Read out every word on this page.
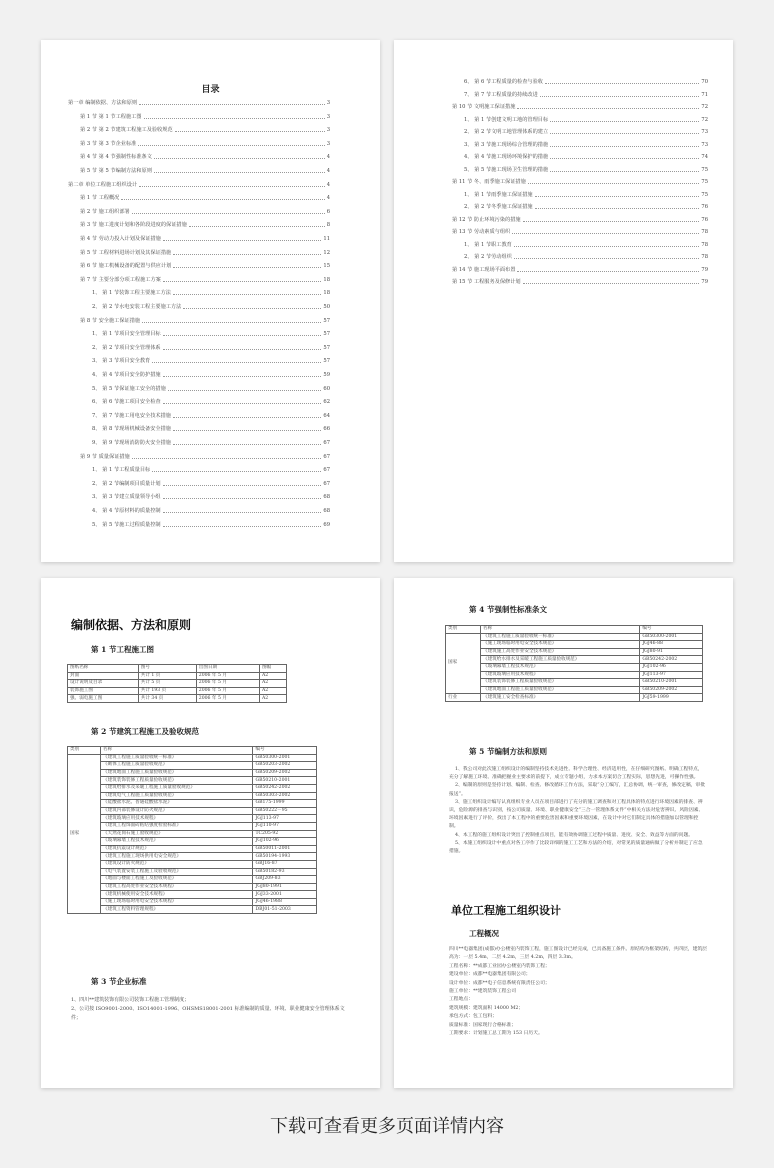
目录
第一章 编制依据、方法和原则	3
第 1 节 第 1 节工程施工图	3
第 2 节 第 2 节建筑工程施工及验收规范	3
第 3 节 第 3 节企业标准	3
第 4 节 第 4 节强制性标准条文	4
第 5 节 第 5 节编制方法和原则	4
第二章 单位工程施工组织设计	4
第 1 节 工程概况	4
第 2 节 施工组织部署	6
第 3 节 施工进度计划和各阶段进度的保证措施	8
第 4 节 劳动力投入计划及保证措施	11
第 5 节 工程材料进场计划及其保证措施	12
第 6 节 施工机械设备的配置与供应计划	15
第 7 节 主要分部分项工程施工方案	18
1、 第 1 节装饰工程主要施工方法	18
2、 第 2 节水电安装工程主要施工方法	50
第 8 节 安全施工保证措施	57
1、 第 1 节项目安全管理目标	57
2、 第 2 节项目安全管理体系	57
3、 第 3 节项目安全教育	57
4、 第 4 节项目安全防护措施	59
5、 第 5 节保证施工安全的措施	60
6、 第 6 节施工项目安全检查	62
7、 第 7 节施工用电安全技术措施	64
8、 第 8 节现场机械设备安全措施	66
9、 第 9 节现场消防防火安全措施	67
第 9 节 质量保证措施	67
1、 第 1 节工程质量目标	67
2、 第 2 节编制项目质量计划	67
3、 第 3 节建立质量领导小组	68
4、 第 4 节原材料的质量控制	68
5、 第 5 节施工过程质量控制	69
6、 第 6 节工程质量的检查与验收	70
7、 第 7 节工程质量的持续改进	71
第 10 节 文明施工保证措施	72
1、 第 1 节创建文明工地的管理目标	72
2、 第 2 节文明工地管理体系的建立	73
3、 第 3 节施工现场综合管理的措施	73
4、 第 4 节施工现场环境保护的措施	74
5、 第 5 节施工现场卫生管理的措施	75
第 11 节 冬、雨季施工保证措施	75
1、 第 1 节雨季施工保证措施	75
2、 第 2 节冬季施工保证措施	76
第 12 节 防止环境污染的措施	76
第 13 节 劳动素质与组织	78
1、 第 1 节职工教育	78
2、 第 2 节劳动组织	78
第 14 节 施工现场平面布置	79
第 15 节 工程服务及保修计划	79
编制依据、方法和原则
第 1 节工程施工图
图纸名称	图号	出图日期	图幅
封面	共计 1 页	2006 年 5 月	A2
设计说明及目录	共计 5 页	2006 年 5 月	A2
装饰施工图	共计 193 页	2006 年 5 月	A2
强、弱电施工图	共计 34 页	2006 年 5 月	A2
第 2 节建筑工程施工及验收规范
类别	名称	编号
国家	《建筑工程施工质量验收统一标准》	GB50300-2001
	《砌体工程施工质量验收规范》	GB50203-2002
	《建筑地面工程施工质量验收规范》	GB50209-2002
	《建筑装饰装修工程质量验收规范》	GB50210-2001
	《建筑给排水及采暖工程施工质量验收规范》	GB50242-2002
	《建筑电气工程施工质量验收规范》	GB50303-2002
	《硅酸盐水泥、普通硅酸盐水泥》	GB175-1999
	《建筑内部装修设计防火规范》	GB50222－95
	《建筑玻璃应用技术规程》	JGJ113-97
	《建筑工程饰面砖粘结强度检验标准》	JGJ110-97
	《天然花岗石施工验收规范》	TC205-92
	《玻璃幕墙工程技术规范》	JGJ102-96
	《建筑抗震设计规范》	GB50011-2001
	《建筑工程施工现场供用电安全规范》	GB50194-1993
	《建筑设计防火规范》	GBJ16-87
	《电气装置安装工程施工及验收规范》	GB50182-93
	《地面与楼面工程施工及验收规范》	GBJ209-83
	《建筑工程高处作业安全技术规程》	JGJ80-1991
	《建筑机械使用安全技术规程》	JGJ33-2001
	《施工现场临时用电安全技术规程》	JGJ46-1988
	《建筑工程资料管理规程》	DBJ01-51-2003
第 3 节企业标准
1、四川**建筑装饰有限公司装饰工程施工管理制度；
2、公司按 ISO9001-2000、ISO14001-1996、OHSMS18001-2001 标准编制的质量、环境、职业健康安全管理体系文件；
第 4 节强制性标准条文
类别	名称	编号
国家	《建筑工程施工质量验收统一标准》	GB50300-2001
	《施工现场临时用电安全技术规范》	JGJ46-88
	《建筑施工高处作业安全技术规范》	JGJ80-91
	《建筑给水排水及采暖工程施工质量验收规范》	GB50242-2002
	《玻璃幕墙工程技术规范》	JGJ102-96
	《建筑玻璃应用技术规程》	JGJ113-97
	《建筑装饰装修工程质量验收规范》	GB50210-2001
	《建筑地面工程施工质量验收规范》	GB50209-2002
行业	《建筑施工安全检查标准》	JGJ59-1999
第 5 节编制方法和原则
1、我公司对此次施工组织设计的编制坚持技术先进性、科学合理性、经济适用性，在仔细研究图纸、明确工程特点，充分了解施工环境、准确把握业主要求的前提下，成立专题小组，力求本方案切合工程实际，思想先进，可操作性强。
2、编制的原则是坚持计划、编制、检查、修改循环工作方法，采取“分工编写，汇总协调，统一审查，修改定稿，审批报送”。
3、施工组织设计编写认真组织专业人员在项目部进行了充分的施工调查和对工程具体的特点进行环境因素的排查、辨识，危险源的排查与识别，按公司质量、环境、职业健康安全“三合一管理体系文件”中相关方法对危害辨识、风险因素、环境因素进行了评价，找出了本工程中的重要危害因素和重要环境因素，在设计中对它们制定具体的措施加以管理和控制。
4、本工程的施工组织设计突出了控制重点项目，能有效协调施工过程中质量、进度、安全、效益等方面的问题。
5、本施工组织设计中重点对各工序作了比较详细的施工工艺和方法的介绍，对常见的质量通病做了分析并制定了应急措施。
单位工程施工组织设计
工程概况
四川**电器集团(成都)办公楼室内装饰工程，施工图设计已经完成，已具备施工条件。原结构为框架结构，共四层，建筑层高为：一层 5.4m，二层 4.2m，三层 4.2m，四层 3.3m。
工程名称：**成都工业园办公楼室内装饰工程；
建设单位：成都**电器集团有限公司；
设计单位：成都**电子信息系统有限责任公司；
施工单位：**建筑装饰工程公司
工程地点：
建筑规模：建筑面积 14000 M2；
承包方式：包工包料；
质量标准：国家现行合格标准；
工期要求：计划施工总工期为 153 日历天。
下载可查看更多页面详情内容
